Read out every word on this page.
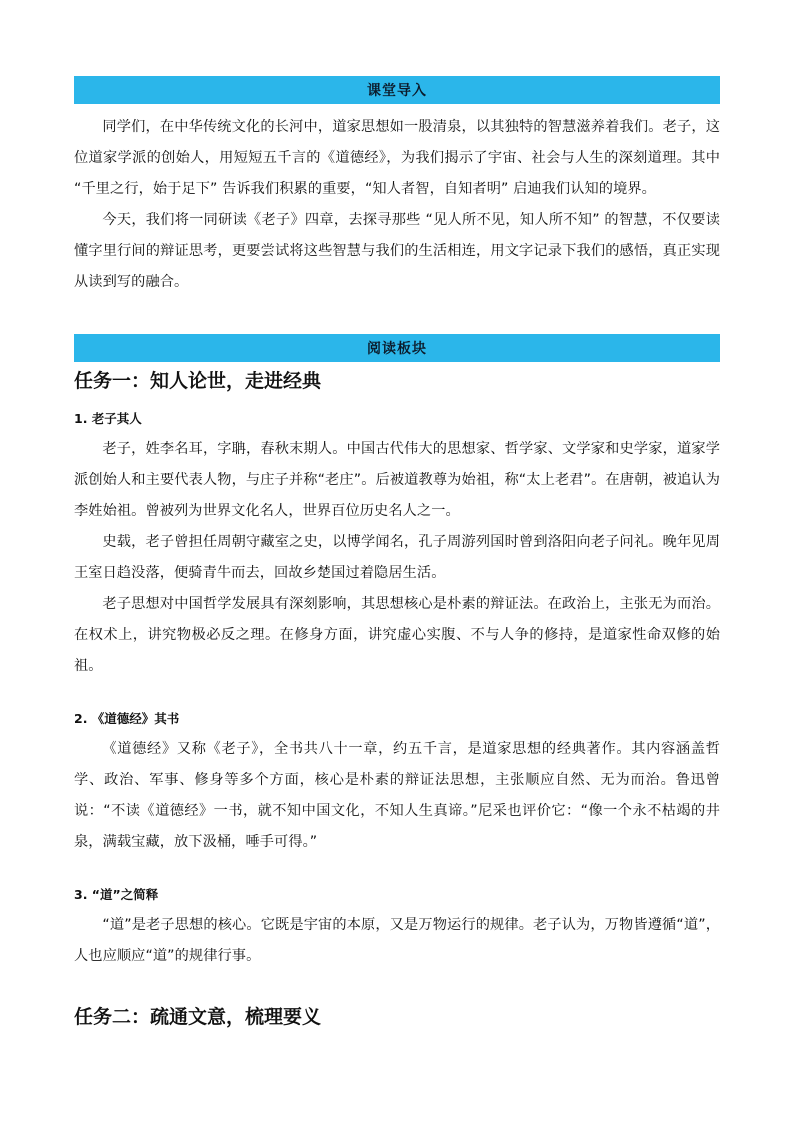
课堂导入

同学们，在中华传统文化的长河中，道家思想如一股清泉，以其独特的智慧滋养着我们。老子，这位道家学派的创始人，用短短五千言的《道德经》，为我们揭示了宇宙、社会与人生的深刻道理。其中 “千里之行，始于足下” 告诉我们积累的重要，“知人者智，自知者明” 启迪我们认知的境界。

今天，我们将一同研读《老子》四章，去探寻那些 “见人所不见，知人所不知” 的智慧，不仅要读懂字里行间的辩证思考，更要尝试将这些智慧与我们的生活相连，用文字记录下我们的感悟，真正实现从读到写的融合。

阅读板块
任务一：知人论世，走进经典
1. 老子其人

老子，姓李名耳，字聃，春秋末期人。中国古代伟大的思想家、哲学家、文学家和史学家，道家学派创始人和主要代表人物，与庄子并称“老庄”。后被道教尊为始祖，称“太上老君”。在唐朝，被追认为李姓始祖。曾被列为世界文化名人，世界百位历史名人之一。

史载，老子曾担任周朝守藏室之史，以博学闻名，孔子周游列国时曾到洛阳向老子问礼。晚年见周王室日趋没落，便骑青牛而去，回故乡楚国过着隐居生活。

老子思想对中国哲学发展具有深刻影响，其思想核心是朴素的辩证法。在政治上，主张无为而治。在权术上，讲究物极必反之理。在修身方面，讲究虚心实腹、不与人争的修持，是道家性命双修的始祖。

2. 《道德经》其书

《道德经》又称《老子》，全书共八十一章，约五千言，是道家思想的经典著作。其内容涵盖哲学、政治、军事、修身等多个方面，核心是朴素的辩证法思想，主张顺应自然、无为而治。鲁迅曾说：“不读《道德经》一书，就不知中国文化，不知人生真谛。”尼采也评价它：“像一个永不枯竭的井泉，满载宝藏，放下汲桶，唾手可得。”

3. “道”之简释

“道”是老子思想的核心。它既是宇宙的本原，又是万物运行的规律。老子认为，万物皆遵循“道”，人也应顺应“道”的规律行事。

任务二：疏通文意，梳理要义
